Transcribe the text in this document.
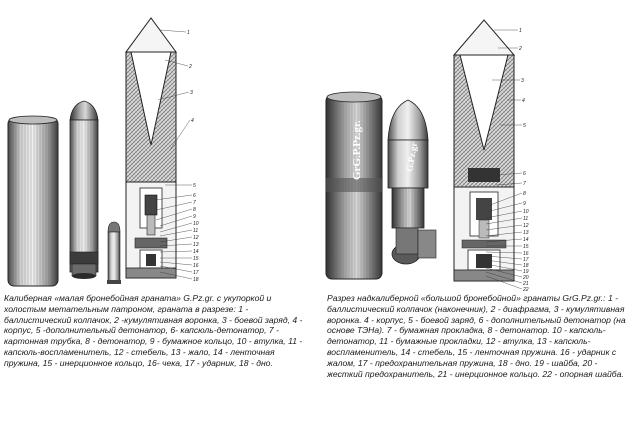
1
2
3
4
5
6
7
8
9
10
11
12
13
14
15
16
17
18
GrG.P.Pz.gr.	G.Pz.gr
1
2
3
4
5
6
7
8
9
10
11
12
13
14
15
16
17
18
19
20
21
22
Калиберная «малая бронебойная граната» G.Pz.gr. с укупоркой и холостым метательным патроном, граната в разрезе: 1 - баллистический колпачок, 2 -кумулятивная воронка, 3 - боевой заряд, 4 - корпус, 5 -дополнительный детонатор, 6- капсюль-детонатор, 7 - картонная трубка, 8 - детонатор, 9 - бумажное кольцо, 10 - втулка, 11 - капсюль-воспламенитель, 12 - стебель, 13 - жало, 14 - ленточная пружина, 15 - инерционное кольцо, 16- чека, 17 - ударник, 18 - дно.
Разрез надкалиберной «большой бронебойной» гранаты GrG.Pz.gr.: 1 - баллистический колпачок (наконечник), 2 - диафрагма, 3 - кумулятивная воронка. 4 - корпус, 5 - боевой заряд, 6 - дополнительный детонатор (на основе ТЭНа). 7 - бумажная прокладка, 8 - детонатор. 10 - капсюль-детонатор, 11 - бумажные прокладки, 12 - втулка, 13 - капсюль-воспламенитель, 14 - стебель, 15 - ленточная пружина. 16 - ударник с жалом, 17 - предохранительная пружина, 18 - дно. 19 - шайба, 20 - жесткий предохранитель, 21 - инерционное кольцо. 22 - опорная шайба.
